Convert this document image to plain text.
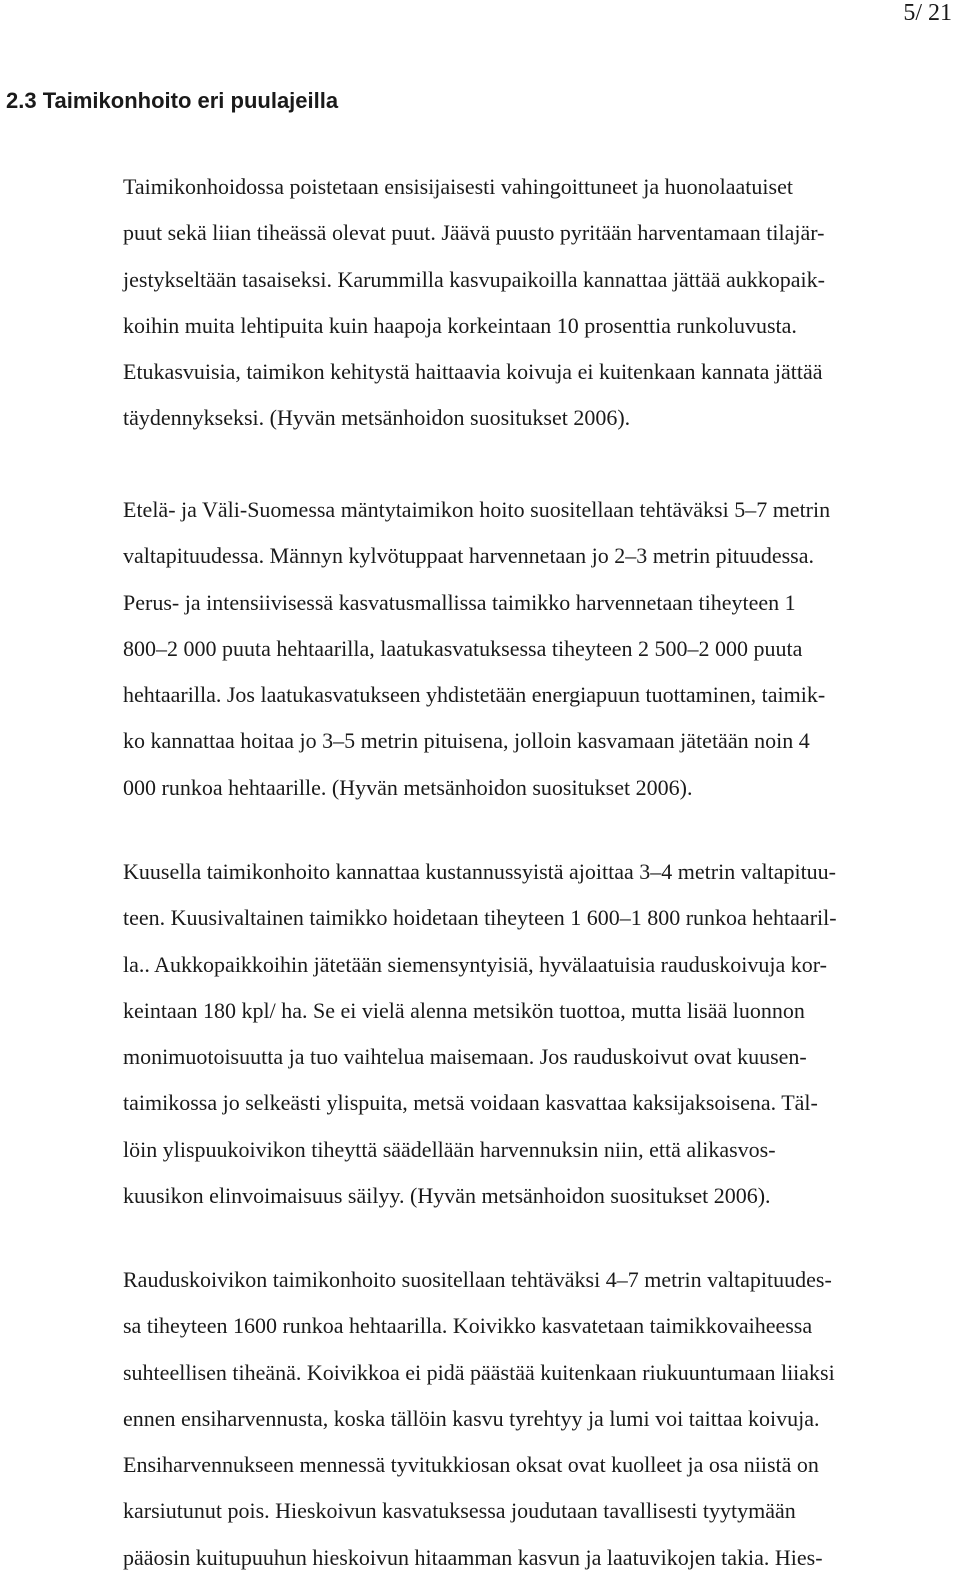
5/ 21
2.3 Taimikonhoito eri puulajeilla

Taimikonhoidossa poistetaan ensisijaisesti vahingoittuneet ja huonolaatuiset
puut sekä liian tiheässä olevat puut. Jäävä puusto pyritään harventamaan tilajär-
jestykseltään tasaiseksi. Karummilla kasvupaikoilla kannattaa jättää aukkopaik-
koihin muita lehtipuita kuin haapoja korkeintaan 10 prosenttia runkoluvusta.
Etukasvuisia, taimikon kehitystä haittaavia koivuja ei kuitenkaan kannata jättää
täydennykseksi. (Hyvän metsänhoidon suositukset 2006).

Etelä- ja Väli-Suomessa mäntytaimikon hoito suositellaan tehtäväksi 5–7 metrin
valtapituudessa. Männyn kylvötuppaat harvennetaan jo 2–3 metrin pituudessa.
Perus- ja intensiivisessä kasvatusmallissa taimikko harvennetaan tiheyteen 1
800–2 000 puuta hehtaarilla, laatukasvatuksessa tiheyteen 2 500–2 000 puuta
hehtaarilla. Jos laatukasvatukseen yhdistetään energiapuun tuottaminen, taimik-
ko kannattaa hoitaa jo 3–5 metrin pituisena, jolloin kasvamaan jätetään noin 4
000 runkoa hehtaarille. (Hyvän metsänhoidon suositukset 2006).

Kuusella taimikonhoito kannattaa kustannussyistä ajoittaa 3–4 metrin valtapituu-
teen. Kuusivaltainen taimikko hoidetaan tiheyteen 1 600–1 800 runkoa hehtaaril-
la.. Aukkopaikkoihin jätetään siemensyntyisiä, hyvälaatuisia rauduskoivuja kor-
keintaan 180 kpl/ ha. Se ei vielä alenna metsikön tuottoa, mutta lisää luonnon
monimuotoisuutta ja tuo vaihtelua maisemaan. Jos rauduskoivut ovat kuusen-
taimikossa jo selkeästi ylispuita, metsä voidaan kasvattaa kaksijaksoisena. Täl-
löin ylispuukoivikon tiheyttä säädellään harvennuksin niin, että alikasvos-
kuusikon elinvoimaisuus säilyy. (Hyvän metsänhoidon suositukset 2006).

Rauduskoivikon taimikonhoito suositellaan tehtäväksi 4–7 metrin valtapituudes-
sa tiheyteen 1600 runkoa hehtaarilla. Koivikko kasvatetaan taimikkovaiheessa
suhteellisen tiheänä. Koivikkoa ei pidä päästää kuitenkaan riukuuntumaan liiaksi
ennen ensiharvennusta, koska tällöin kasvu tyrehtyy ja lumi voi taittaa koivuja.
Ensiharvennukseen mennessä tyvitukkiosan oksat ovat kuolleet ja osa niistä on
karsiutunut pois. Hieskoivun kasvatuksessa joudutaan tavallisesti tyytymään
pääosin kuitupuuhun hieskoivun hitaamman kasvun ja laatuvikojen takia. Hies-
